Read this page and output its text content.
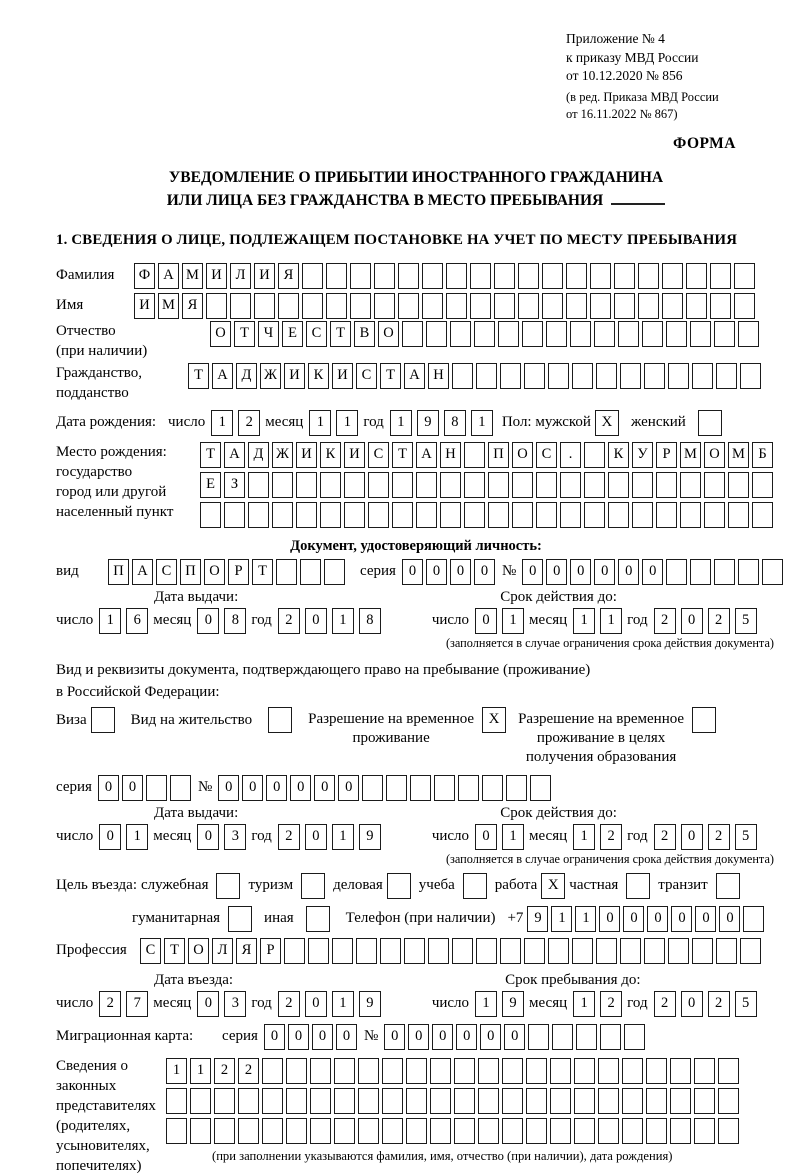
Приложение № 4
к приказу МВД России
от 10.12.2020 № 856
(в ред. Приказа МВД России
от 16.11.2022 № 867)
ФОРМА
УВЕДОМЛЕНИЕ О ПРИБЫТИИ ИНОСТРАННОГО ГРАЖДАНИНА
ИЛИ ЛИЦА БЕЗ ГРАЖДАНСТВА В МЕСТО ПРЕБЫВАНИЯ
1. СВЕДЕНИЯ О ЛИЦЕ, ПОДЛЕЖАЩЕМ ПОСТАНОВКЕ НА УЧЕТ ПО МЕСТУ ПРЕБЫВАНИЯ
Фамилия	Ф А М И Л И Я
Имя	И М Я
Отчество
(при наличии)
О Т	Ч	Е	С	Т	В О
Гражданство,
подданство
Т А Д Ж И К И С	Т А Н
Дата рождения: число 1	2 месяц 1	1 год 1	9	8	1	Пол:
мужской X	женский
Место рождения:
государство
город или другой
населенный пункт
Т А Д Ж И К И С	Т А Н	П О С	.	К У	Р М О М Б
Е	З
Документ, удостоверяющий личность:
вид	П А С П О	Р	Т	серия 0	0	0	0 № 0	0	0	0	0	0
Дата выдачи:	Срок действия до:
число 1	6 месяц 0	8 год 2	0	1	8	число 0	1 месяц 1	1 год 2	0	2	5
(заполняется в случае ограничения срока действия документа)
Вид и реквизиты документа, подтверждающего право на пребывание (проживание)
в Российской Федерации:
Виза	Вид на жительство	Разрешение на временное
проживание
X	Разрешение на временное
проживание в целях
получения образования
серия 0	0	№ 0	0	0	0	0	0
Дата выдачи:	Срок действия до:
число 0	1 месяц 0	3 год 2	0	1	9	число 0	1 месяц 1	2 год 2	0	2	5
(заполняется в случае ограничения срока действия документа)
Цель въезда: служебная	туризм	деловая учеба	работа X частная	транзит
гуманитарная	иная	Телефон (при наличии) +7 9	1	1	0	0	0	0	0	0
Профессия	С	Т О Л Я	Р
Дата въезда:	Срок пребывания до:
число 2	7 месяц 0	3 год 2	0	1	9	число 1	9 месяц 1	2 год 2	0	2	5
Миграционная карта:	серия 0	0	0	0 № 0	0	0	0	0	0
Сведения о
законных
представителях
(родителях,
усыновителях,
попечителях)
1	1	2	2
(при заполнении указываются фамилия, имя, отчество (при наличии), дата рождения)
